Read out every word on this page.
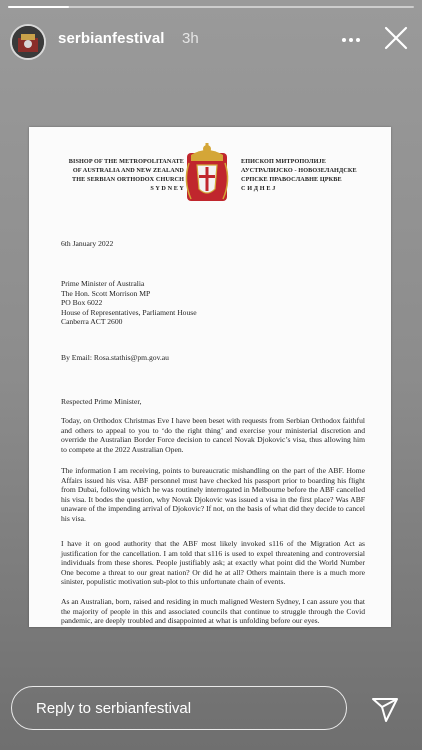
serbianfestival 3h
BISHOP OF THE METROPOLITANATE
OF AUSTRALIA AND NEW ZEALAND
THE SERBIAN ORTHODOX CHURCH
S Y D N E Y
ЕПИСКОП МИТРОПОЛИЈЕ
АУСТРАЛИЈСКО - НОВОЗЕЛАНДСКЕ
СРПСКЕ ПРАВОСЛАВНЕ ЦРКВЕ
С И Д Н Е Ј
6th January 2022
Prime Minister of Australia
The Hon. Scott Morrison MP
PO Box 6022
House of Representatives, Parliament House
Canberra ACT 2600
By Email: Rosa.stathis@pm.gov.au
Respected Prime Minister,
Today, on Orthodox Christmas Eve I have been beset with requests from Serbian Orthodox faithful and others to appeal to you to ‘do the right thing’ and exercise your ministerial discretion and override the Australian Border Force decision to cancel Novak Djokovic’s visa, thus allowing him to compete at the 2022 Australian Open.
The information I am receiving, points to bureaucratic mishandling on the part of the ABF. Home Affairs issued his visa. ABF personnel must have checked his passport prior to boarding his flight from Dubai, following which he was routinely interrogated in Melbourne before the ABF cancelled his visa. It bodes the question, why Novak Djokovic was issued a visa in the first place? Was ABF unaware of the impending arrival of Djokovic? If not, on the basis of what did they decide to cancel his visa.
I have it on good authority that the ABF most likely invoked s116 of the Migration Act as justification for the cancellation. I am told that s116 is used to expel threatening and controversial individuals from these shores. People justifiably ask; at exactly what point did the World Number One become a threat to our great nation? Or did he at all? Others maintain there is a much more sinister, populistic motivation sub-plot to this unfortunate chain of events.
As an Australian, born, raised and residing in much maligned Western Sydney, I can assure you that the majority of people in this and associated councils that continue to struggle through the Covid pandemic, are deeply troubled and disappointed at what is unfolding before our eyes.
Reply to serbianfestival
